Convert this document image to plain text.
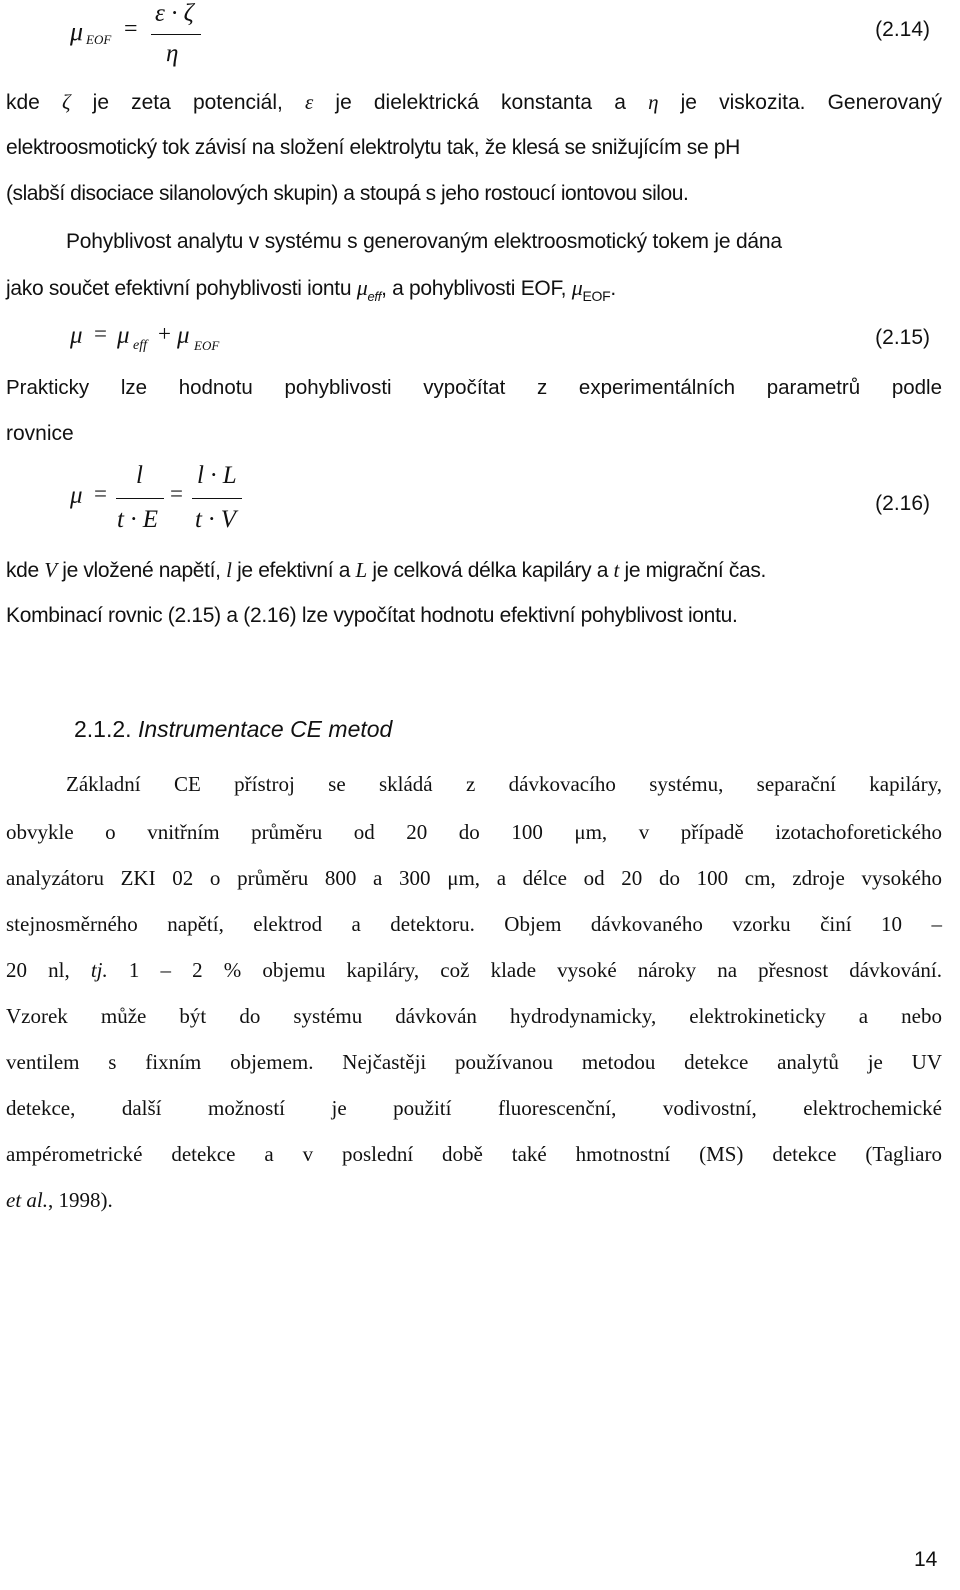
μ EOF =
ε · ζ
η
(2.14)
kde ζ je zeta potenciál, ε je dielektrická konstanta a η je viskozita. Generovaný
elektroosmotický tok závisí na složení elektrolytu tak, že klesá se snižujícím se pH
(slabší disociace silanolových skupin) a stoupá s jeho rostoucí iontovou silou.
Pohyblivost analytu v systému s generovaným elektroosmotický tokem je dána
jako součet efektivní pohyblivosti iontu $\mu_{eff}$, a pohyblivosti EOF, $\mu_{EOF}$.
μ = μ eff + μ EOF	(2.15)
Prakticky lze hodnotu pohyblivosti vypočítat z experimentálních parametrů podle
rovnice
μ =
l
t · E
=
l · L
t · V
(2.16)
kde V je vložené napětí, l je efektivní a L je celková délka kapiláry a t je migrační čas.
Kombinací rovnic (2.15) a (2.16) lze vypočítat hodnotu efektivní pohyblivost iontu.
2.1.2. Instrumentace CE metod
Základní CE přístroj se skládá z dávkovacího systému, separační kapiláry,
obvykle o vnitřním průměru od 20 do 100 μm, v případě izotachoforetického
analyzátoru ZKI 02 o průměru 800 a 300 μm, a délce od 20 do 100 cm, zdroje vysokého
stejnosměrného napětí, elektrod a detektoru. Objem dávkovaného vzorku činí 10 –
20 nl, tj. 1 – 2 % objemu kapiláry, což klade vysoké nároky na přesnost dávkování.
Vzorek může být do systému dávkován hydrodynamicky, elektrokineticky a nebo
ventilem s fixním objemem. Nejčastěji používanou metodou detekce analytů je UV
detekce, další možností je použití fluorescenční, vodivostní, elektrochemické
ampérometrické detekce a v poslední době také hmotnostní (MS) detekce (Tagliaro
et al., 1998).
14
